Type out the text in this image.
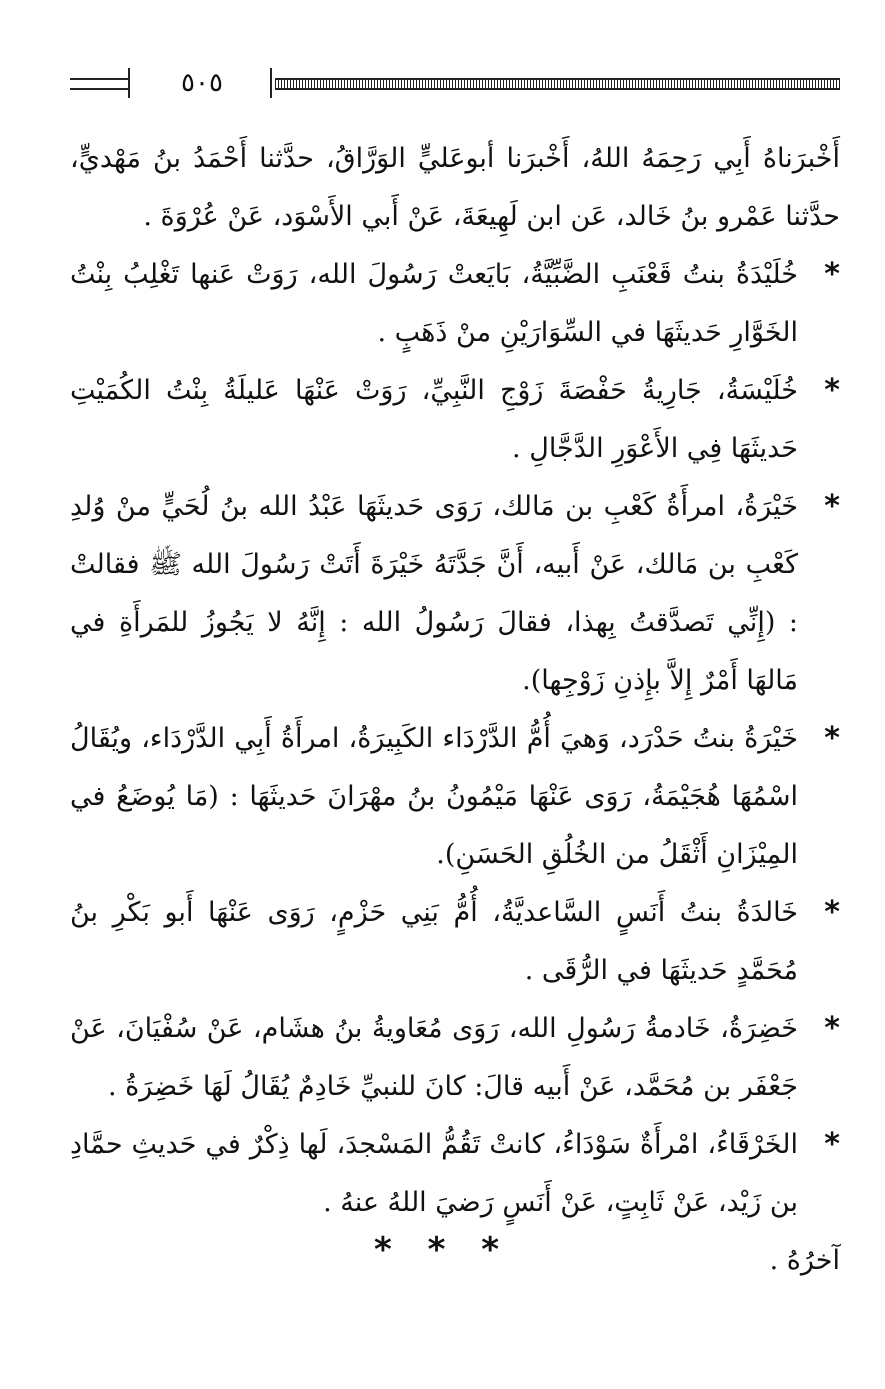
٥٠٥

أَخْبرَناهُ أَبِي رَحِمَهُ اللهُ، أَخْبرَنا أبوعَليٍّ الوَرَّاقُ، حدَّثنا أَحْمَدُ بنُ مَهْديٍّ، حدَّثنا عَمْرو بنُ خَالد، عَن ابن لَهِيعَةَ، عَنْ أَبي الأَسْوَد، عَنْ عُرْوَةَ .

*
خُلَيْدَةُ بنتُ قَعْنَبِ الضَّبِّيَّةُ، بَايَعتْ رَسُولَ الله، رَوَتْ عَنها تَغْلِبُ بِنْتُ الخَوَّارِ حَديثَهَا في السِّوَارَيْنِ منْ ذَهَبٍ .
*
خُلَيْسَةُ، جَارِيةُ حَفْصَةَ زَوْجِ النَّبِيِّ، رَوَتْ عَنْهَا عَليلَةُ بِنْتُ الكُمَيْتِ حَديثَهَا فِي الأَعْوَرِ الدَّجَّالِ .
*
خَيْرَةُ، امرأَةُ كَعْبِ بن مَالك، رَوَى حَديثَهَا عَبْدُ الله بنُ لُحَيٍّ منْ وُلدِ كَعْبِ بن مَالك، عَنْ أَبيه، أَنَّ جَدَّتَهُ خَيْرَةَ أَتَتْ رَسُولَ الله ﷺ فقالتْ : (إِنِّي تَصدَّقتُ بِهذا، فقالَ رَسُولُ الله : إِنَّهُ لا يَجُوزُ للمَرأَةِ في مَالهَا أَمْرٌ إِلاَّ بإِذنِ زَوْجِها).
*
خَيْرَةُ بنتُ حَدْرَد، وَهيَ أُمُّ الدَّرْدَاء الكَبِيرَةُ، امرأَةُ أَبِي الدَّرْدَاء، ويُقَالُ اسْمُهَا هُجَيْمَةُ، رَوَى عَنْهَا مَيْمُونُ بنُ مهْرَانَ حَديثَهَا : (مَا يُوضَعُ في المِيْزَانِ أَثْقَلُ من الخُلُقِ الحَسَنِ).
*
خَالدَةُ بنتُ أَنَسٍ السَّاعديَّةُ، أُمُّ بَنِي حَزْمٍ، رَوَى عَنْهَا أَبو بَكْرِ بنُ مُحَمَّدٍ حَديثَهَا في الرُّقَى .
*
خَضِرَةُ، خَادمةُ رَسُولِ الله، رَوَى مُعَاويةُ بنُ هشَام، عَنْ سُفْيَانَ، عَنْ جَعْفَر بن مُحَمَّد، عَنْ أَبيه قالَ: كانَ للنبيِّ خَادِمٌ يُقَالُ لَهَا خَضِرَةُ .
*
الخَرْقَاءُ، امْرأَةٌ سَوْدَاءُ، كانتْ تَقُمُّ المَسْجدَ، لَها ذِكْرٌ في حَديثِ حمَّادِ بن زَيْد، عَنْ ثَابِتٍ، عَنْ أَنَسٍ رَضيَ اللهُ عنهُ .

آخرُهُ .

* * *
